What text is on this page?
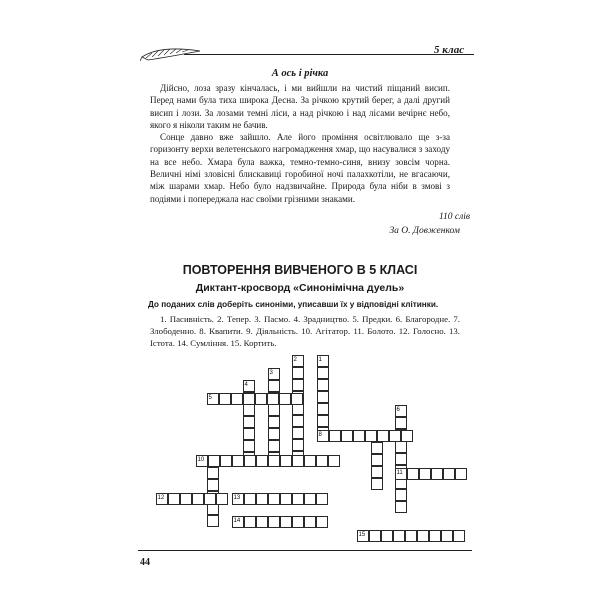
5 клас
А ось і річка

Дійсно, лоза зразу кінчалась, і ми вийшли на чистий піщаний висип. Перед нами була тиха широка Десна. За річкою крутий берег, а далі другий висип і лози. За лозами темні ліси, а над річкою і над лісами вечірнє небо, якого я ніколи таким не бачив.

Сонце давно вже зайшло. Але його проміння освітлювало ще з-за горизонту верхи велетенського нагромадження хмар, що насувалися з заходу на все небо. Хмара була важка, темно-темно-синя, внизу зовсім чорна. Величні німі зловісні блискавиці горобиної ночі палахкотіли, не вгасаючи, між шарами хмар. Небо було надзвичайне. Природа була ніби в змові з подіями і попереджала нас своїми грізними знаками.

110 слів
За О. Довженком
ПОВТОРЕННЯ ВИВЧЕНОГО В 5 КЛАСІ
Диктант-кросворд «Синонімічна дуель»
До поданих слів доберіть синоніми, уписавши їх у відповідні клітинки.

1. Пасивність. 2. Тепер. 3. Пасмо. 4. Зрадництво. 5. Предки. 6. Благородне. 7. Злободенно. 8. Квапити. 9. Діяльність. 10. Агітатор. 11. Болото. 12. Голосно. 13. Істота. 14. Сумління. 15. Кортить.

1
2
3
4
5
6
8
10
11
12	13
14
15
44
